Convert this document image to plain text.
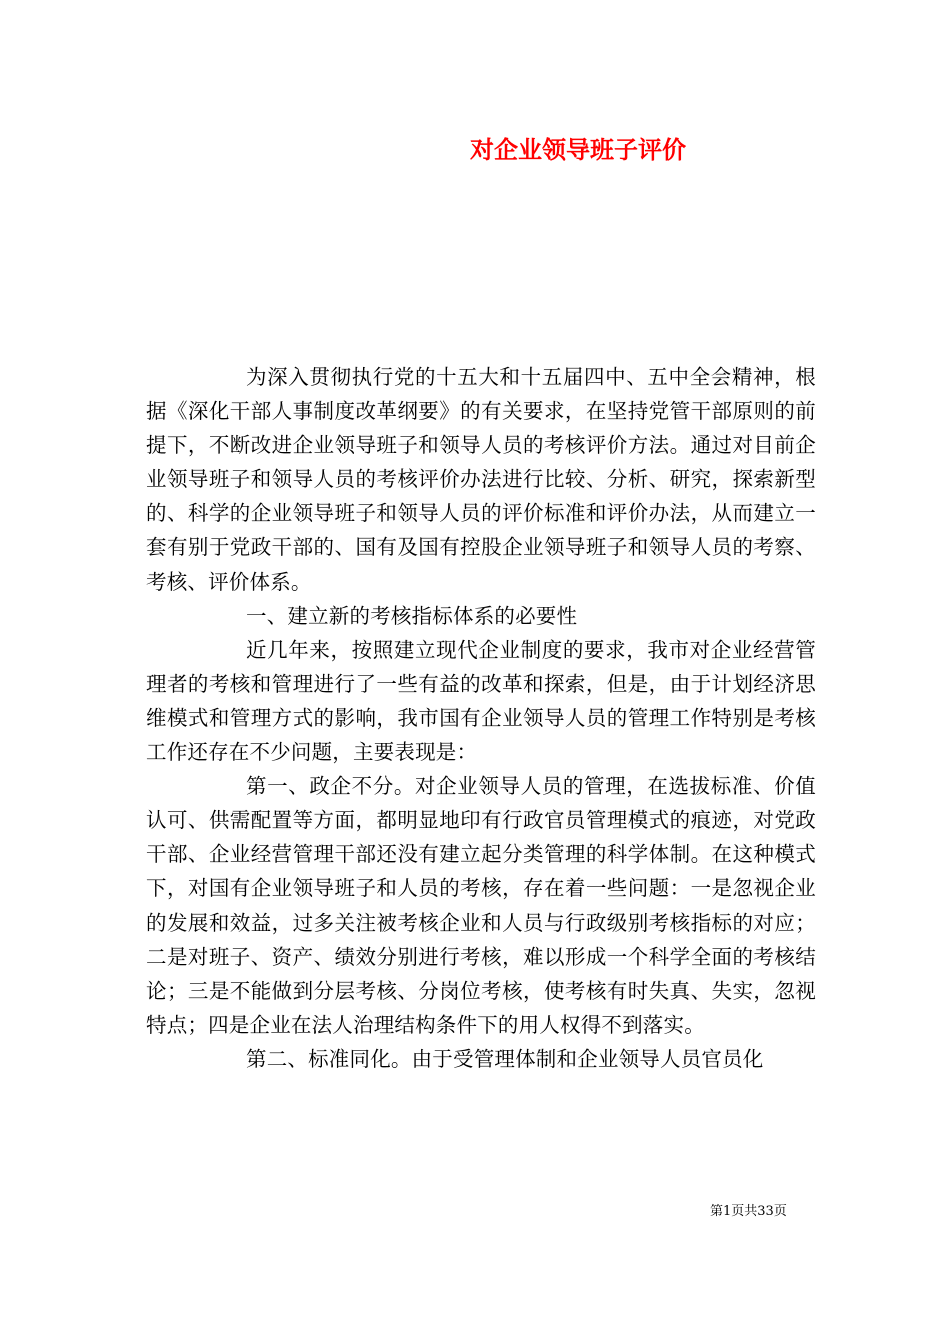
对企业领导班子评价

为深入贯彻执行党的十五大和十五届四中、五中全会精神，根据《深化干部人事制度改革纲要》的有关要求，在坚持党管干部原则的前提下，不断改进企业领导班子和领导人员的考核评价方法。通过对目前企业领导班子和领导人员的考核评价办法进行比较、分析、研究，探索新型的、科学的企业领导班子和领导人员的评价标准和评价办法，从而建立一套有别于党政干部的、国有及国有控股企业领导班子和领导人员的考察、考核、评价体系。

一、建立新的考核指标体系的必要性

近几年来，按照建立现代企业制度的要求，我市对企业经营管理者的考核和管理进行了一些有益的改革和探索，但是，由于计划经济思维模式和管理方式的影响，我市国有企业领导人员的管理工作特别是考核工作还存在不少问题，主要表现是：

第一、政企不分。对企业领导人员的管理，在选拔标准、价值认可、供需配置等方面，都明显地印有行政官员管理模式的痕迹，对党政干部、企业经营管理干部还没有建立起分类管理的科学体制。在这种模式下，对国有企业领导班子和人员的考核，存在着一些问题：一是忽视企业的发展和效益，过多关注被考核企业和人员与行政级别考核指标的对应；二是对班子、资产、绩效分别进行考核，难以形成一个科学全面的考核结论；三是不能做到分层考核、分岗位考核，使考核有时失真、失实，忽视特点；四是企业在法人治理结构条件下的用人权得不到落实。

第二、标准同化。由于受管理体制和企业领导人员官员化

第1页共33页
